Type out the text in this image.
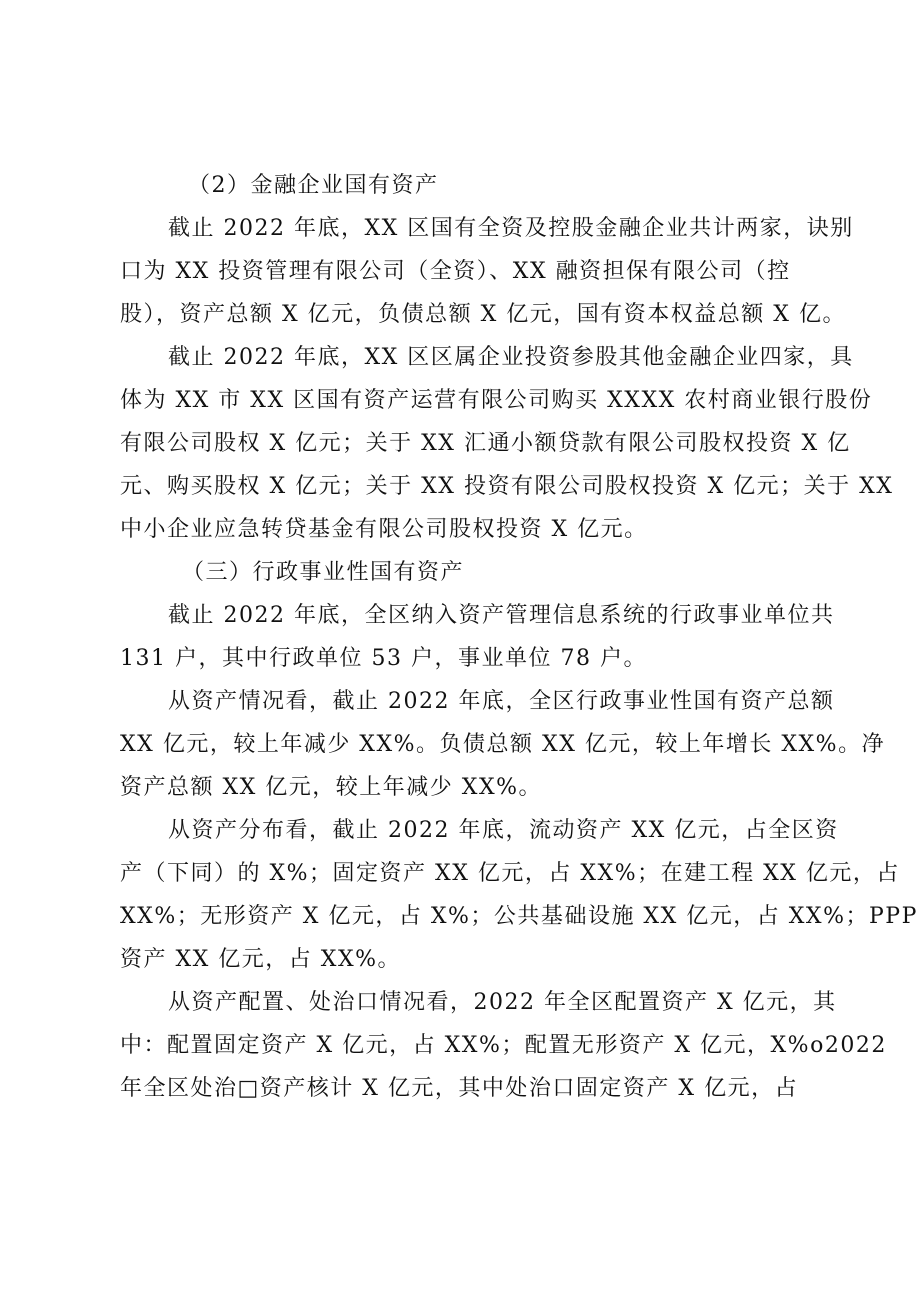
（2）金融企业国有资产
截止 2022 年底，XX 区国有全资及控股金融企业共计两家，诀别
口为 XX 投资管理有限公司（全资）、XX 融资担保有限公司（控
股），资产总额 X 亿元，负债总额 X 亿元，国有资本权益总额 X 亿。
截止 2022 年底，XX 区区属企业投资参股其他金融企业四家，具
体为 XX 市 XX 区国有资产运营有限公司购买 XXXX 农村商业银行股份
有限公司股权 X 亿元；关于 XX 汇通小额贷款有限公司股权投资 X 亿
元、购买股权 X 亿元；关于 XX 投资有限公司股权投资 X 亿元；关于 XX
中小企业应急转贷基金有限公司股权投资 X 亿元。
（三）行政事业性国有资产
截止 2022 年底，全区纳入资产管理信息系统的行政事业单位共
131 户，其中行政单位 53 户，事业单位 78 户。
从资产情况看，截止 2022 年底，全区行政事业性国有资产总额
XX 亿元，较上年减少 XX%。负债总额 XX 亿元，较上年增长 XX%。净
资产总额 XX 亿元，较上年减少 XX%。
从资产分布看，截止 2022 年底，流动资产 XX 亿元，占全区资
产（下同）的 X%；固定资产 XX 亿元，占 XX%；在建工程 XX 亿元，占
XX%；无形资产 X 亿元，占 X%；公共基础设施 XX 亿元，占 XX%；PPP
资产 XX 亿元，占 XX%。
从资产配置、处治口情况看，2022 年全区配置资产 X 亿元，其
中：配置固定资产 X 亿元，占 XX%；配置无形资产 X 亿元，X%o2022
年全区处治□资产核计 X 亿元，其中处治口固定资产 X 亿元，占
